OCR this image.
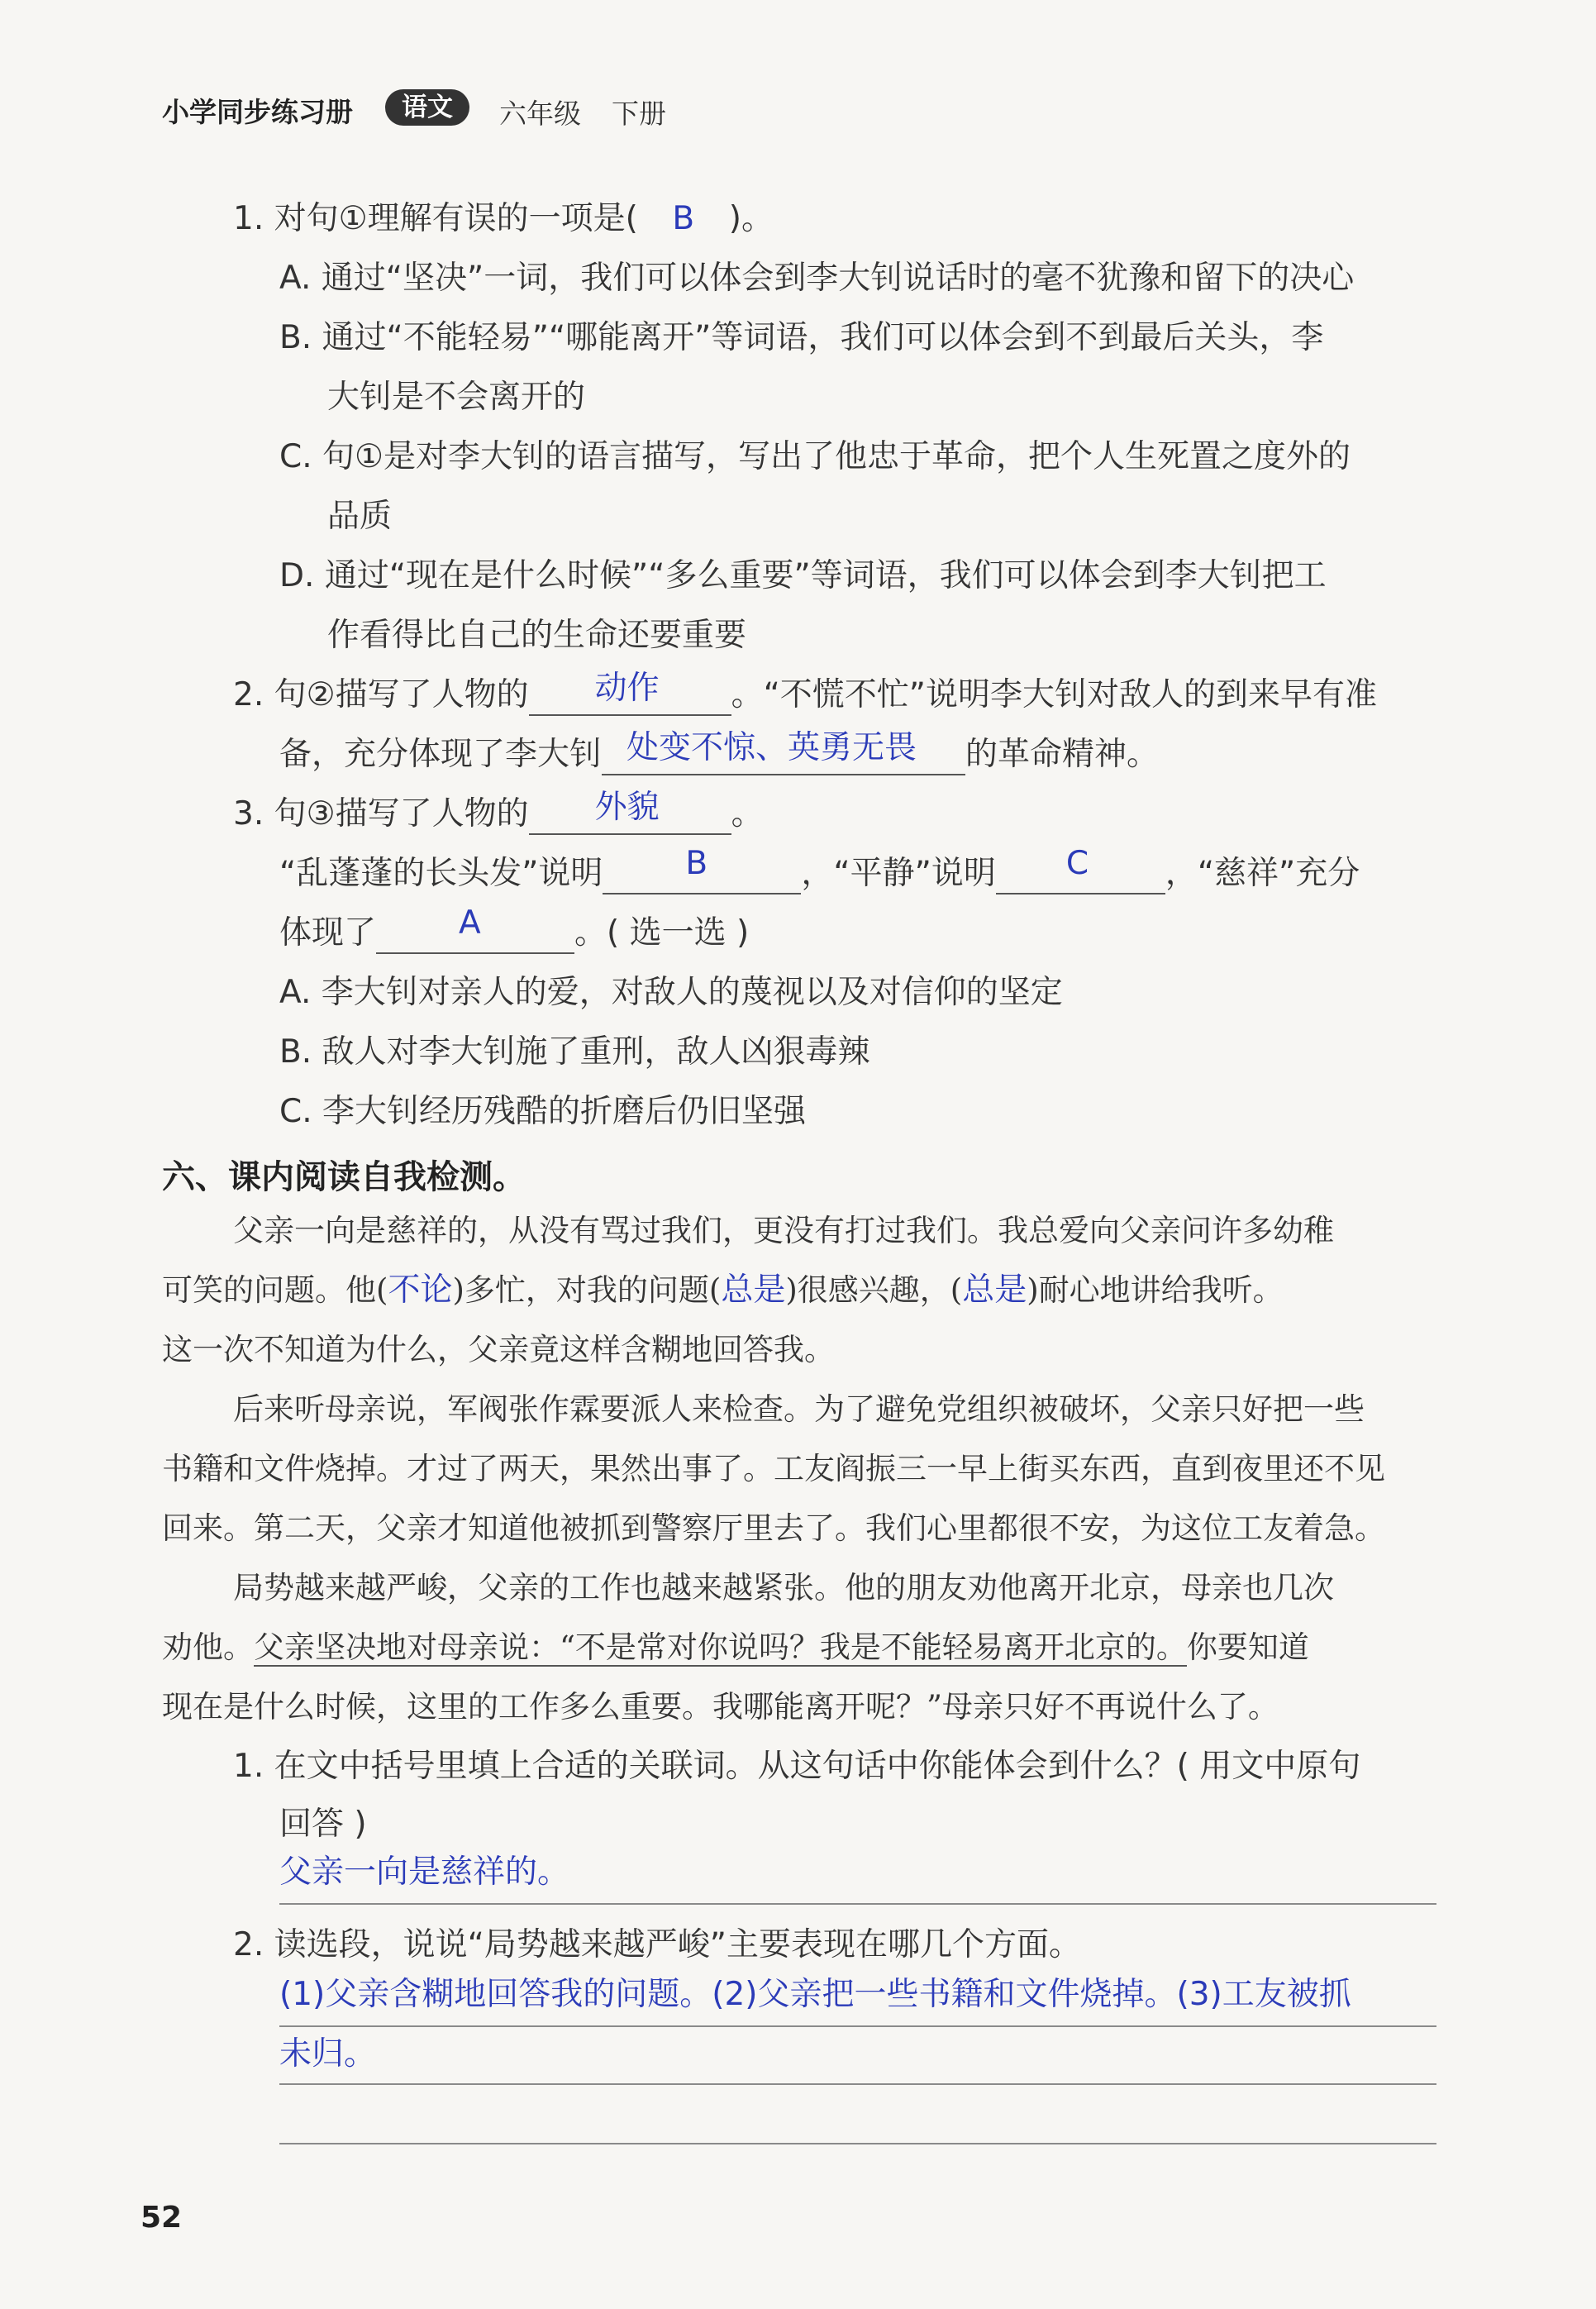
小学同步练习册	语文	六年级 下册
1. 对句①理解有误的一项是( B )。
A. 通过“坚决”一词，我们可以体会到李大钊说话时的毫不犹豫和留下的决心
B. 通过“不能轻易”“哪能离开”等词语，我们可以体会到不到最后关头，李
大钊是不会离开的
C. 句①是对李大钊的语言描写，写出了他忠于革命，把个人生死置之度外的
品质
D. 通过“现在是什么时候”“多么重要”等词语，我们可以体会到李大钊把工
作看得比自己的生命还要重要
2. 句②描写了人物的 动作 。“不慌不忙”说明李大钊对敌人的到来早有准
备，充分体现了李大钊 处变不惊、英勇无畏 的革命精神。
3. 句③描写了人物的 外貌 。
“乱蓬蓬的长头发”说明	B	，“平静”说明 C ，“慈祥”充分
体现了	A	。( 选一选 )
A. 李大钊对亲人的爱，对敌人的蔑视以及对信仰的坚定
B. 敌人对李大钊施了重刑，敌人凶狠毒辣
C. 李大钊经历残酷的折磨后仍旧坚强
六、课内阅读自我检测。
父亲一向是慈祥的，从没有骂过我们，更没有打过我们。我总爱向父亲问许多幼稚
可笑的问题。他(不论)多忙，对我的问题(总是)很感兴趣，(总是)耐心地讲给我听。
这一次不知道为什么，父亲竟这样含糊地回答我。
后来听母亲说，军阀张作霖要派人来检查。为了避免党组织被破坏，父亲只好把一些
书籍和文件烧掉。才过了两天，果然出事了。工友阎振三一早上街买东西，直到夜里还不见
回来。第二天，父亲才知道他被抓到警察厅里去了。我们心里都很不安，为这位工友着急。
局势越来越严峻，父亲的工作也越来越紧张。他的朋友劝他离开北京，母亲也几次
劝他。父亲坚决地对母亲说：“不是常对你说吗？我是不能轻易离开北京的。你要知道
现在是什么时候，这里的工作多么重要。我哪能离开呢？”母亲只好不再说什么了。
1. 在文中括号里填上合适的关联词。从这句话中你能体会到什么？( 用文中原句
回答 )
父亲一向是慈祥的。
2. 读选段，说说“局势越来越严峻”主要表现在哪几个方面。
(1)父亲含糊地回答我的问题。(2)父亲把一些书籍和文件烧掉。(3)工友被抓
未归。
52
